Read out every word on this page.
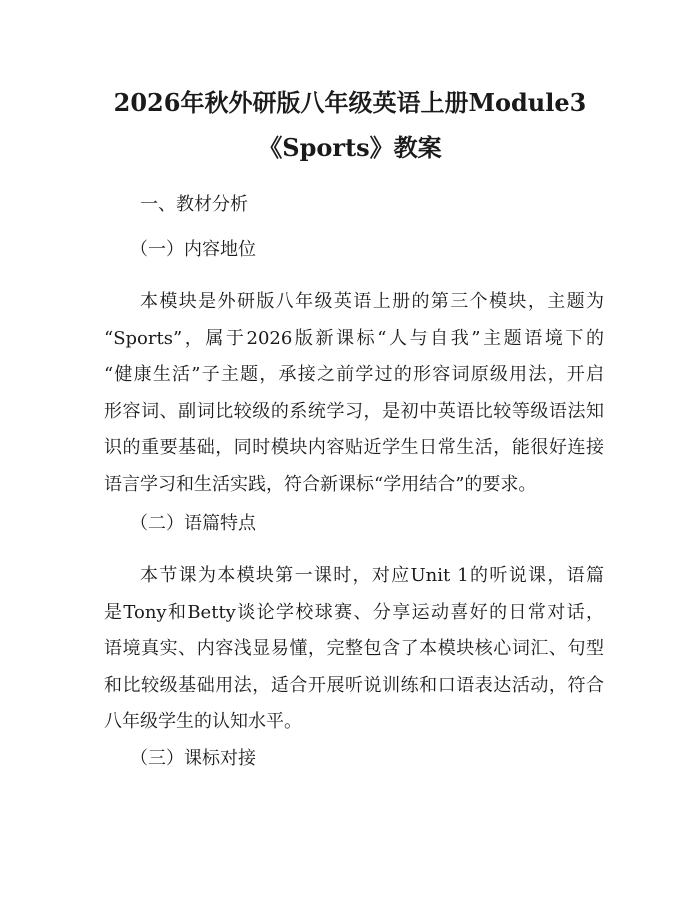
2026年秋外研版八年级英语上册Module3
《Sports》教案

一、教材分析

（一）内容地位

本模块是外研版八年级英语上册的第三个模块，主题为
“Sports”，属于2026版新课标“人与自我”主题语境下的
“健康生活”子主题，承接之前学过的形容词原级用法，开启
形容词、副词比较级的系统学习，是初中英语比较等级语法知
识的重要基础，同时模块内容贴近学生日常生活，能很好连接
语言学习和生活实践，符合新课标“学用结合”的要求。

（二）语篇特点

本节课为本模块第一课时，对应Unit 1的听说课，语篇
是Tony和Betty谈论学校球赛、分享运动喜好的日常对话，
语境真实、内容浅显易懂，完整包含了本模块核心词汇、句型
和比较级基础用法，适合开展听说训练和口语表达活动，符合
八年级学生的认知水平。

（三）课标对接
